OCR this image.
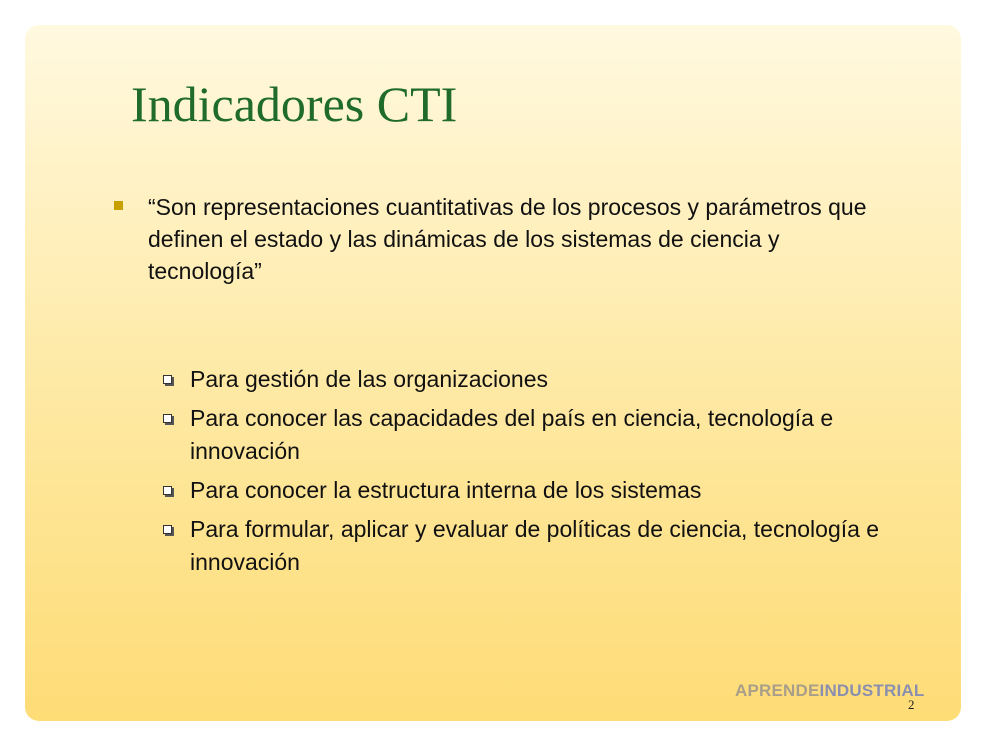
Indicadores CTI
“Son representaciones cuantitativas de los procesos y parámetros que definen el estado y las dinámicas de los sistemas de ciencia y tecnología”
Para gestión de las organizaciones
Para conocer las capacidades del país en ciencia, tecnología e innovación
Para conocer la estructura interna de los sistemas
Para formular, aplicar y evaluar de políticas de ciencia, tecnología e innovación
APRENDEINDUSTRIAL
2
